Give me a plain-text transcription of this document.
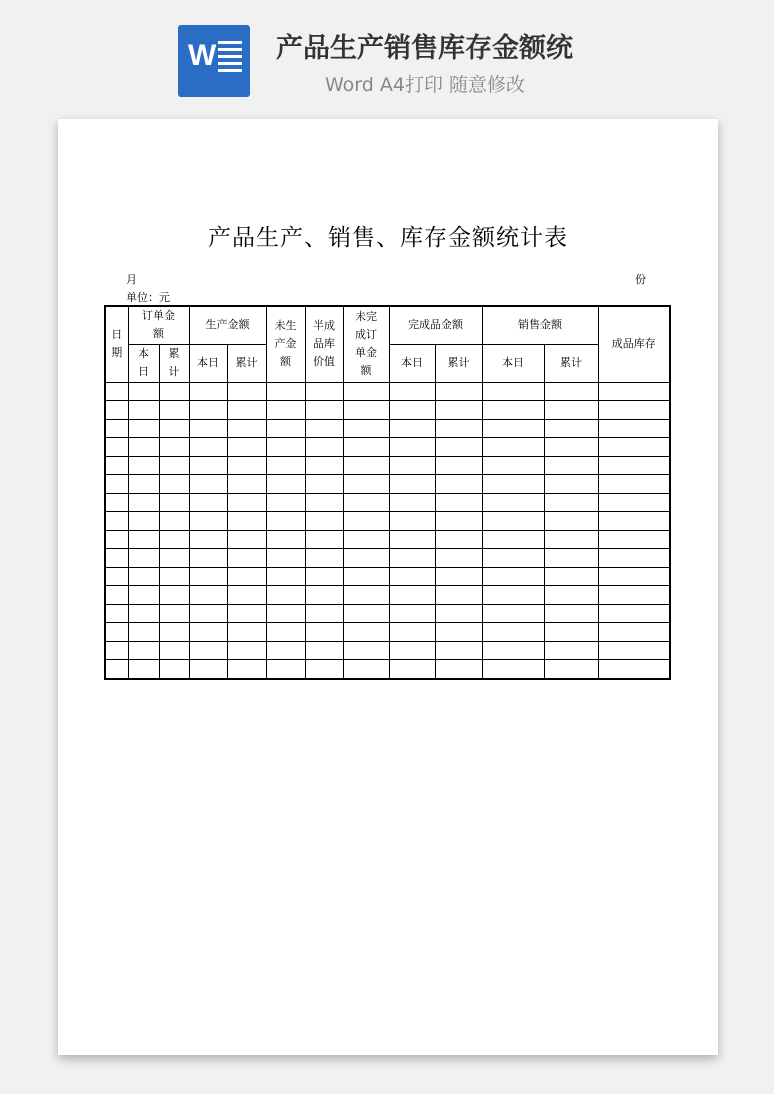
W 产品生产销售库存金额统
Word A4打印 随意修改
产品生产、销售、库存金额统计表
月	份
单位：元
日期	订单金额		生产金额		未生产金额	半成品库价值	未完成订单金额	完成品金额		销售金额		成品库存
	本日	累计	本日	累计				本日	累计	本日	累计	
